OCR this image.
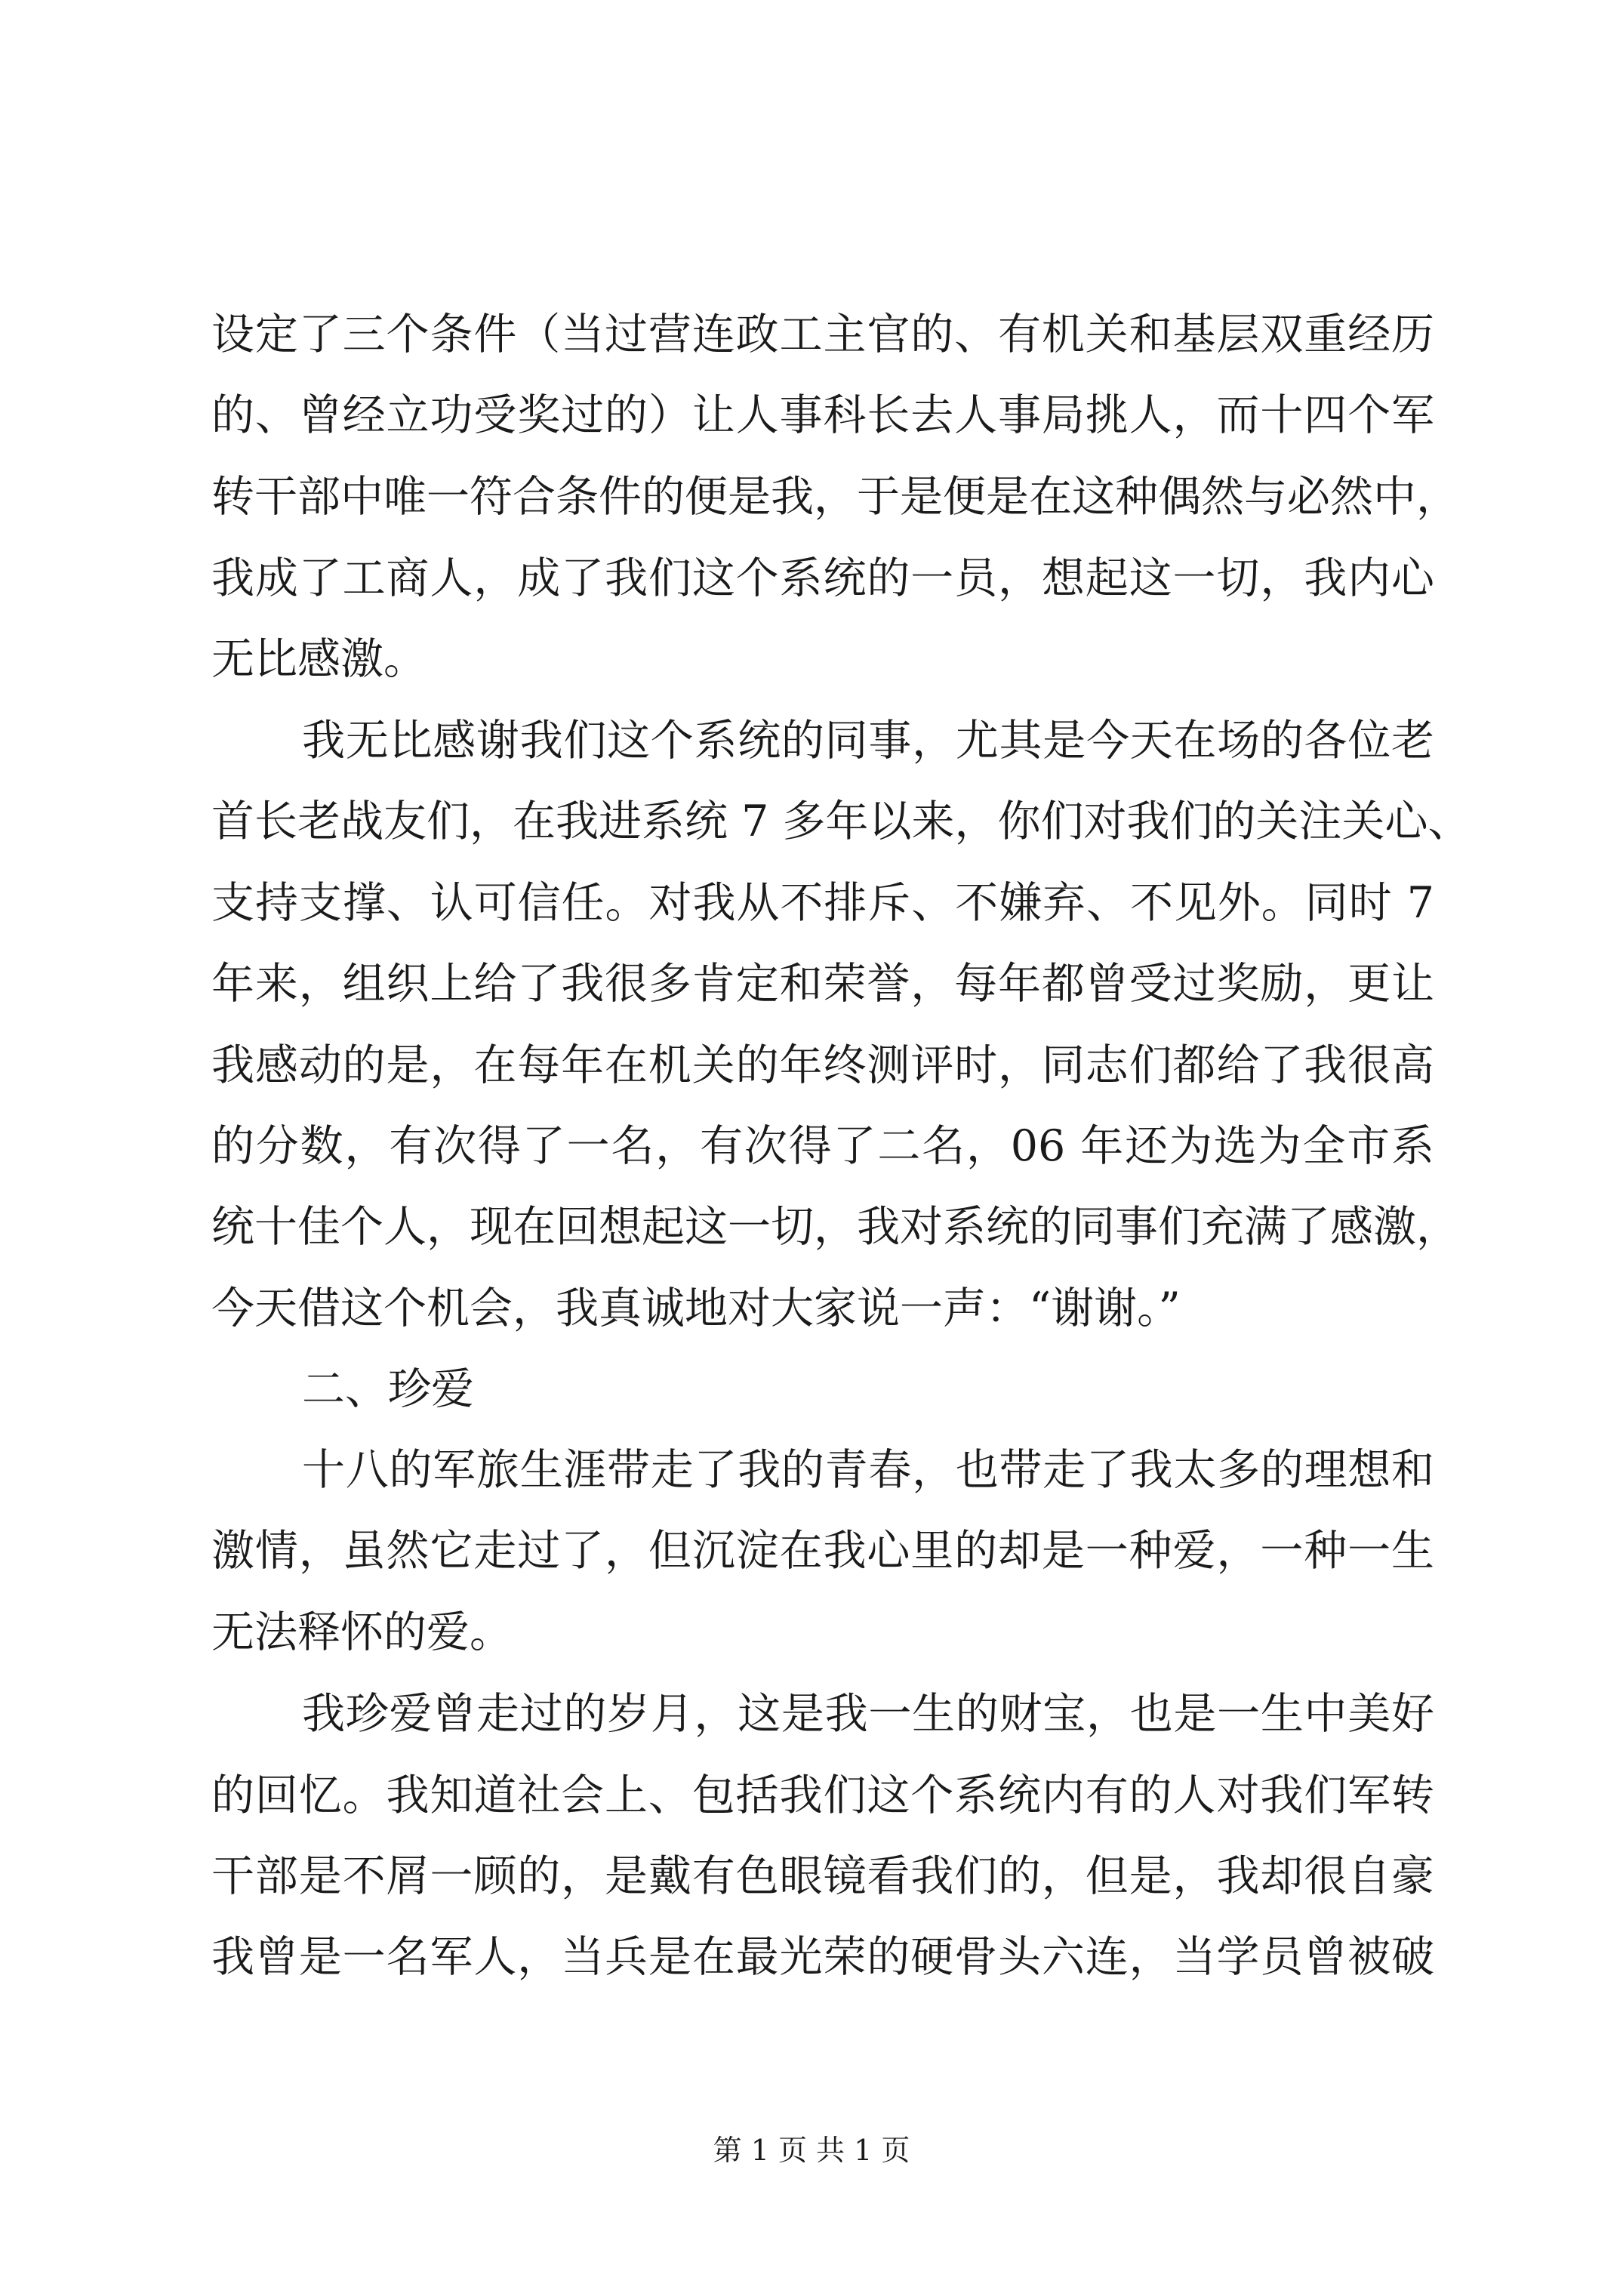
设定了三个条件（当过营连政工主官的、有机关和基层双重经历

的、曾经立功受奖过的）让人事科长去人事局挑人，而十四个军

转干部中唯一符合条件的便是我，于是便是在这种偶然与必然中，

我成了工商人，成了我们这个系统的一员，想起这一切，我内心

无比感激。

我无比感谢我们这个系统的同事，尤其是今天在场的各位老

首长老战友们，在我进系统 7 多年以来，你们对我们的关注关心、

支持支撑、认可信任。对我从不排斥、不嫌弃、不见外。同时 7

年来，组织上给了我很多肯定和荣誉，每年都曾受过奖励，更让

我感动的是，在每年在机关的年终测评时，同志们都给了我很高

的分数，有次得了一名，有次得了二名，06 年还为选为全市系

统十佳个人，现在回想起这一切，我对系统的同事们充满了感激，

今天借这个机会，我真诚地对大家说一声：“谢谢。”

二、珍爱

十八的军旅生涯带走了我的青春，也带走了我太多的理想和

激情，虽然它走过了，但沉淀在我心里的却是一种爱，一种一生

无法释怀的爱。

我珍爱曾走过的岁月，这是我一生的财宝，也是一生中美好

的回忆。我知道社会上、包括我们这个系统内有的人对我们军转

干部是不屑一顾的，是戴有色眼镜看我们的，但是，我却很自豪

我曾是一名军人，当兵是在最光荣的硬骨头六连，当学员曾被破

第 1 页 共 1 页
